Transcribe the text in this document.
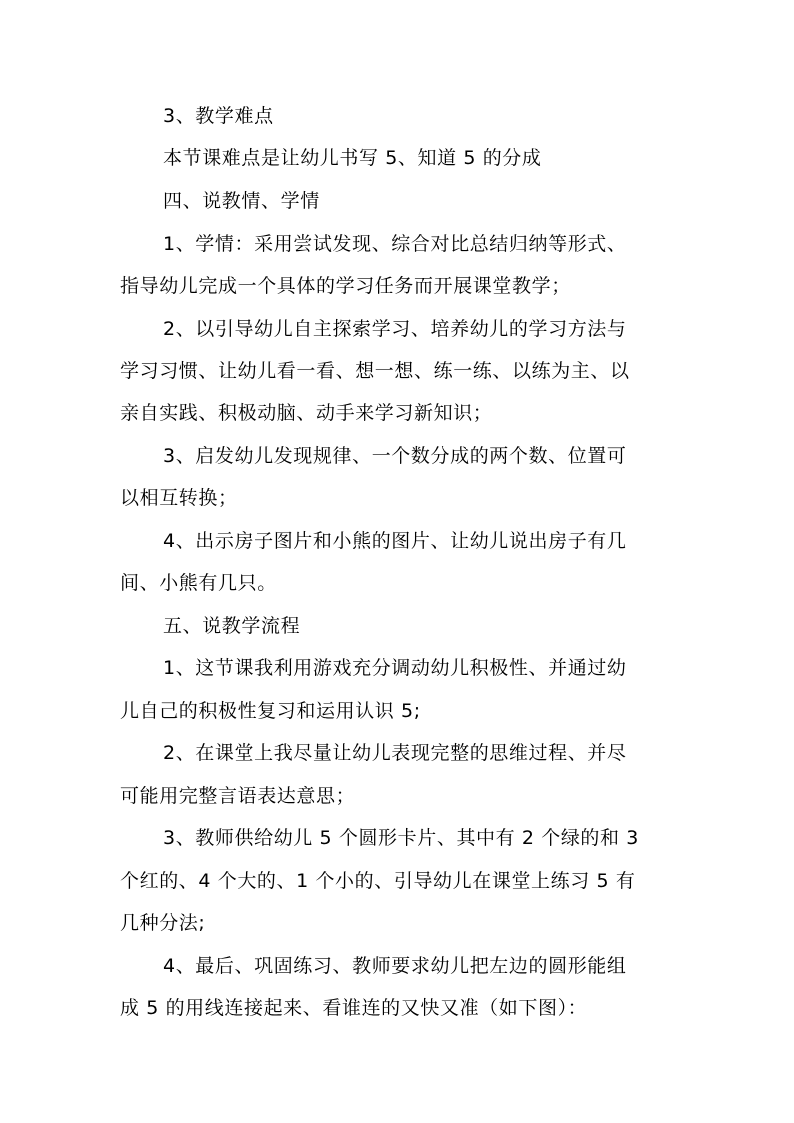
3、教学难点
本节课难点是让幼儿书写 5、知道 5 的分成
四、说教情、学情
1、学情：采用尝试发现、综合对比总结归纳等形式、
指导幼儿完成一个具体的学习任务而开展课堂教学；
2、以引导幼儿自主探索学习、培养幼儿的学习方法与
学习习惯、让幼儿看一看、想一想、练一练、以练为主、以
亲自实践、积极动脑、动手来学习新知识；
3、启发幼儿发现规律、一个数分成的两个数、位置可
以相互转换；
4、出示房子图片和小熊的图片、让幼儿说出房子有几
间、小熊有几只。
五、说教学流程
1、这节课我利用游戏充分调动幼儿积极性、并通过幼
儿自己的积极性复习和运用认识 5;
2、在课堂上我尽量让幼儿表现完整的思维过程、并尽
可能用完整言语表达意思；
3、教师供给幼儿 5 个圆形卡片、其中有 2 个绿的和 3
个红的、4 个大的、1 个小的、引导幼儿在课堂上练习 5 有
几种分法;
4、最后、巩固练习、教师要求幼儿把左边的圆形能组
成 5 的用线连接起来、看谁连的又快又准（如下图）：
